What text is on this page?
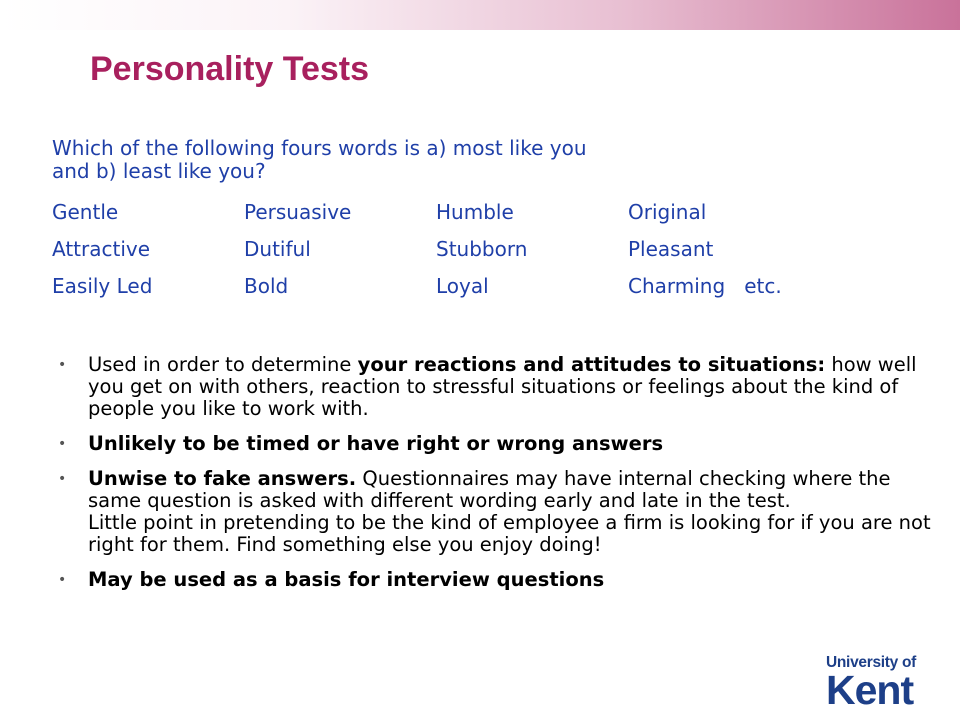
Personality Tests
Which of the following fours words is a) most like you
and b) least like you?
Gentle	Persuasive	Humble	Original
Attractive	Dutiful	Stubborn	Pleasant
Easily Led	Bold	Loyal	Charming   etc.
• Used in order to determine your reactions and attitudes to situations: how well you get on with others, reaction to stressful situations or feelings about the kind of people you like to work with.
• Unlikely to be timed or have right or wrong answers
• Unwise to fake answers. Questionnaires may have internal checking where the same question is asked with different wording early and late in the test.
Little point in pretending to be the kind of employee a firm is looking for if you are not right for them. Find something else you enjoy doing!
• May be used as a basis for interview questions
University of
Kent
